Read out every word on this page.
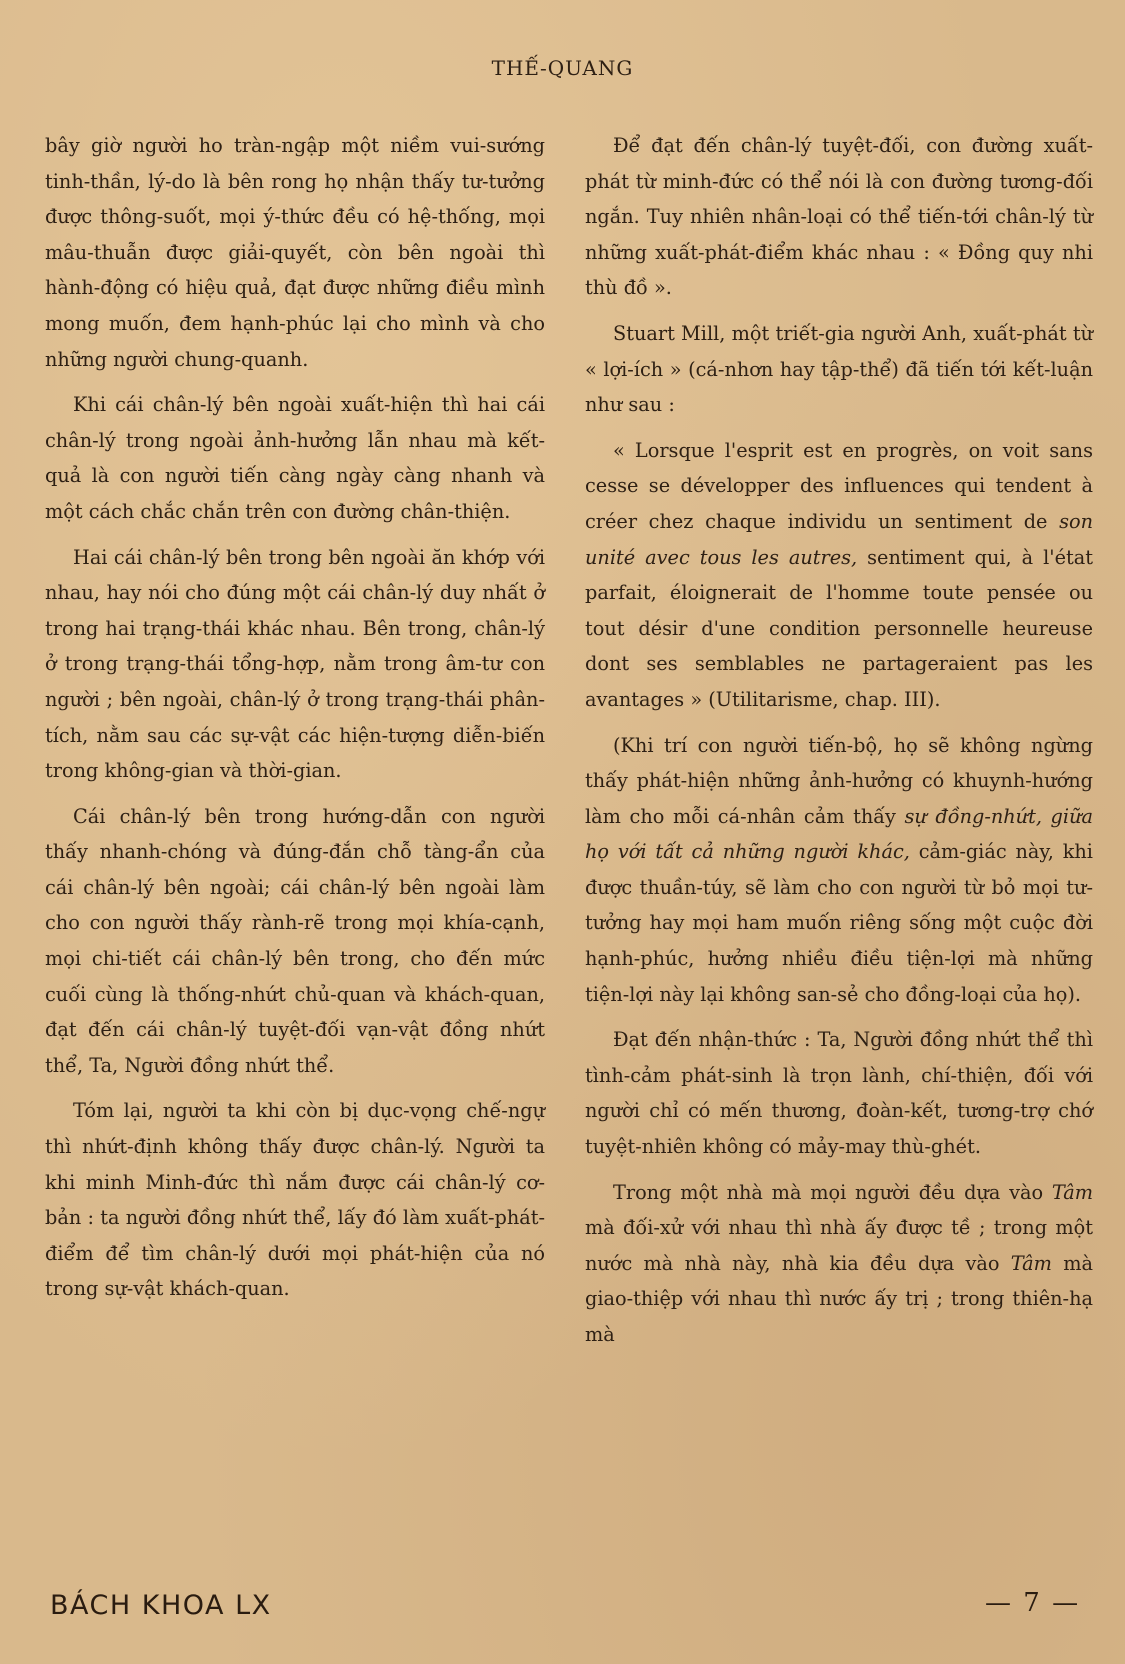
THẾ-QUANG

bây giờ người ho tràn-ngập một niềm vui-sướng tinh-thần, lý-do là bên rong họ nhận thấy tư-tưởng được thông-suốt, mọi ý-thức đều có hệ-thống, mọi mâu-thuẫn được giải-quyết, còn bên ngoài thì hành-động có hiệu quả, đạt được những điều mình mong muốn, đem hạnh-phúc lại cho mình và cho những người chung-quanh.

Khi cái chân-lý bên ngoài xuất-hiện thì hai cái chân-lý trong ngoài ảnh-hưởng lẫn nhau mà kết-quả là con người tiến càng ngày càng nhanh và một cách chắc chắn trên con đường chân-thiện.

Hai cái chân-lý bên trong bên ngoài ăn khớp với nhau, hay nói cho đúng một cái chân-lý duy nhất ở trong hai trạng-thái khác nhau. Bên trong, chân-lý ở trong trạng-thái tổng-hợp, nằm trong âm-tư con người ; bên ngoài, chân-lý ở trong trạng-thái phân-tích, nằm sau các sự-vật các hiện-tượng diễn-biến trong không-gian và thời-gian.

Cái chân-lý bên trong hướng-dẫn con người thấy nhanh-chóng và đúng-đắn chỗ tàng-ẩn của cái chân-lý bên ngoài; cái chân-lý bên ngoài làm cho con người thấy rành-rẽ trong mọi khía-cạnh, mọi chi-tiết cái chân-lý bên trong, cho đến mức cuối cùng là thống-nhứt chủ-quan và khách-quan, đạt đến cái chân-lý tuyệt-đối vạn-vật đồng nhứt thể, Ta, Người đồng nhứt thể.

Tóm lại, người ta khi còn bị dục-vọng chế-ngự thì nhứt-định không thấy được chân-lý. Người ta khi minh Minh-đức thì nắm được cái chân-lý cơ-bản : ta người đồng nhứt thể, lấy đó làm xuất-phát-điểm để tìm chân-lý dưới mọi phát-hiện của nó trong sự-vật khách-quan.

Để đạt đến chân-lý tuyệt-đối, con đường xuất-phát từ minh-đức có thể nói là con đường tương-đối ngắn. Tuy nhiên nhân-loại có thể tiến-tới chân-lý từ những xuất-phát-điểm khác nhau : « Đồng quy nhi thù đồ ».

Stuart Mill, một triết-gia người Anh, xuất-phát từ « lợi-ích » (cá-nhơn hay tập-thể) đã tiến tới kết-luận như sau :

« Lorsque l'esprit est en progrès, on voit sans cesse se développer des influences qui tendent à créer chez chaque individu un sentiment de son unité avec tous les autres, sentiment qui, à l'état parfait, éloignerait de l'homme toute pensée ou tout désir d'une condition personnelle heureuse dont ses semblables ne partageraient pas les avantages » (Utilitarisme, chap. III).

(Khi trí con người tiến-bộ, họ sẽ không ngừng thấy phát-hiện những ảnh-hưởng có khuynh-hướng làm cho mỗi cá-nhân cảm thấy sự đồng-nhứt, giữa họ với tất cả những người khác, cảm-giác này, khi được thuần-túy, sẽ làm cho con người từ bỏ mọi tư-tưởng hay mọi ham muốn riêng sống một cuộc đời hạnh-phúc, hưởng nhiều điều tiện-lợi mà những tiện-lợi này lại không san-sẻ cho đồng-loại của họ).

Đạt đến nhận-thức : Ta, Người đồng nhứt thể thì tình-cảm phát-sinh là trọn lành, chí-thiện, đối với người chỉ có mến thương, đoàn-kết, tương-trợ chớ tuyệt-nhiên không có mảy-may thù-ghét.

Trong một nhà mà mọi người đều dựa vào Tâm mà đối-xử với nhau thì nhà ấy được tề ; trong một nước mà nhà này, nhà kia đều dựa vào Tâm mà giao-thiệp với nhau thì nước ấy trị ; trong thiên-hạ mà

BÁCH KHOA LX	— 7 —
